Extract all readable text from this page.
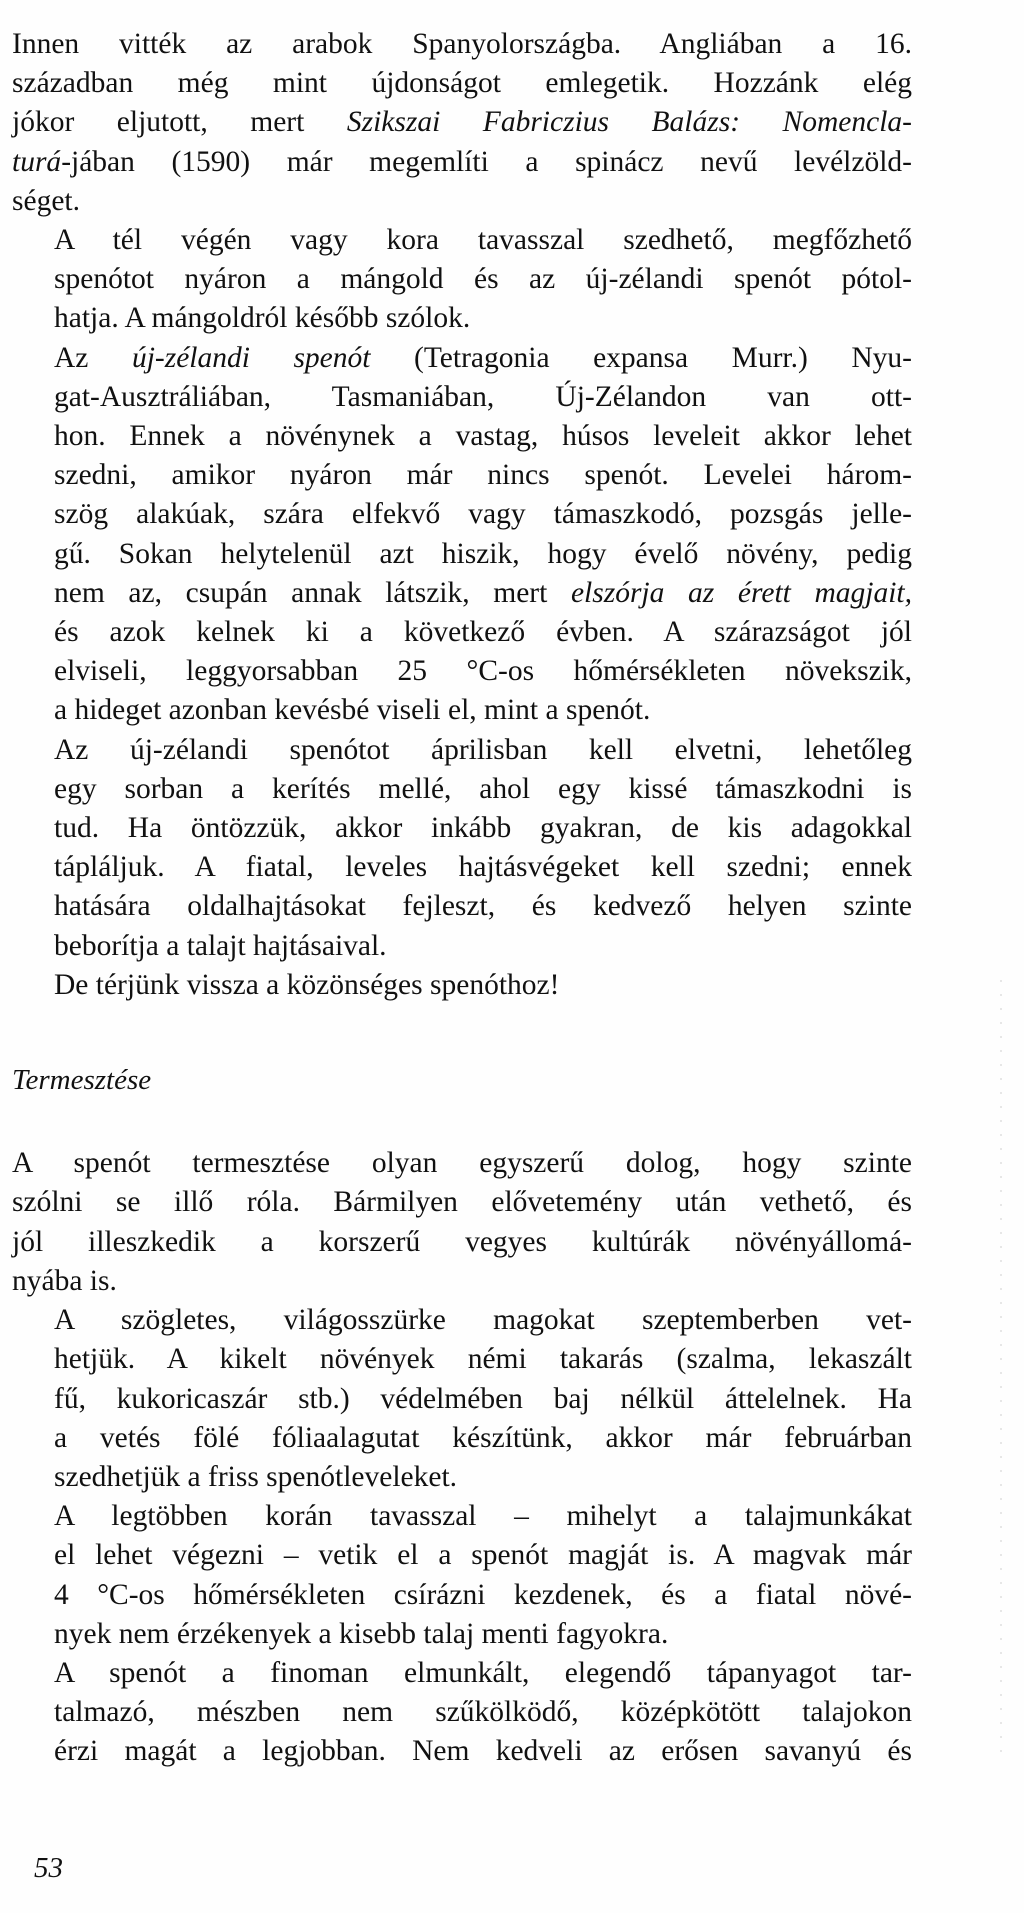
Innen vitték az arabok Spanyolországba. Angliában a 16.
században még mint újdonságot emlegetik. Hozzánk elég
jókor eljutott, mert Szikszai Fabriczius Balázs: Nomencla-
turá-jában (1590) már megemlíti a spinácz nevű levélzöld-
séget.
A tél végén vagy kora tavasszal szedhető, megfőzhető
spenótot nyáron a mángold és az új-zélandi spenót pótol-
hatja. A mángoldról később szólok.
Az új-zélandi spenót (Tetragonia expansa Murr.) Nyu-
gat-Ausztráliában, Tasmaniában, Új-Zélandon van ott-
hon. Ennek a növénynek a vastag, húsos leveleit akkor lehet
szedni, amikor nyáron már nincs spenót. Levelei három-
szög alakúak, szára elfekvő vagy támaszkodó, pozsgás jelle-
gű. Sokan helytelenül azt hiszik, hogy évelő növény, pedig
nem az, csupán annak látszik, mert elszórja az érett magjait,
és azok kelnek ki a következő évben. A szárazságot jól
elviseli, leggyorsabban 25 °C-os hőmérsékleten növekszik,
a hideget azonban kevésbé viseli el, mint a spenót.
Az új-zélandi spenótot áprilisban kell elvetni, lehetőleg
egy sorban a kerítés mellé, ahol egy kissé támaszkodni is
tud. Ha öntözzük, akkor inkább gyakran, de kis adagokkal
tápláljuk. A fiatal, leveles hajtásvégeket kell szedni; ennek
hatására oldalhajtásokat fejleszt, és kedvező helyen szinte
beborítja a talajt hajtásaival.
De térjünk vissza a közönséges spenóthoz!
Termesztése
A spenót termesztése olyan egyszerű dolog, hogy szinte
szólni se illő róla. Bármilyen elővetemény után vethető, és
jól illeszkedik a korszerű vegyes kultúrák növényállomá-
nyába is.
A szögletes, világosszürke magokat szeptemberben vet-
hetjük. A kikelt növények némi takarás (szalma, lekaszált
fű, kukoricaszár stb.) védelmében baj nélkül áttelelnek. Ha
a vetés fölé fóliaalagutat készítünk, akkor már februárban
szedhetjük a friss spenótleveleket.
A legtöbben korán tavasszal – mihelyt a talajmunkákat
el lehet végezni – vetik el a spenót magját is. A magvak már
4 °C-os hőmérsékleten csírázni kezdenek, és a fiatal növé-
nyek nem érzékenyek a kisebb talaj menti fagyokra.
A spenót a finoman elmunkált, elegendő tápanyagot tar-
talmazó, mészben nem szűkölködő, középkötött talajokon
érzi magát a legjobban. Nem kedveli az erősen savanyú és
53
